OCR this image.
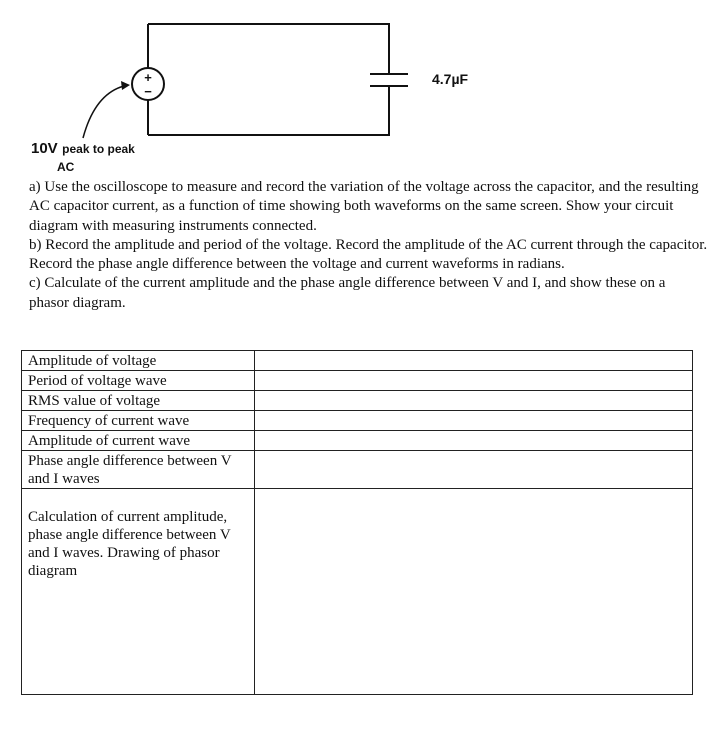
+
−
10V peak to peak
AC
4.7µF

a) Use the oscilloscope to measure and record the variation of the voltage across the capacitor, and the resulting AC capacitor current, as a function of time showing both waveforms on the same screen. Show your circuit diagram with measuring instruments connected.

b) Record the amplitude and period of the voltage. Record the amplitude of the AC current through the capacitor. Record the phase angle difference between the voltage and current waveforms in radians.

c) Calculate of the current amplitude and the phase angle difference between V and I, and show these on a phasor diagram.

Amplitude of voltage	
Period of voltage wave	
RMS value of voltage	
Frequency of current wave	
Amplitude of current wave	
Phase angle difference between V and I waves	

Calculation of current amplitude, phase angle difference between V and I waves. Drawing of phasor diagram	
